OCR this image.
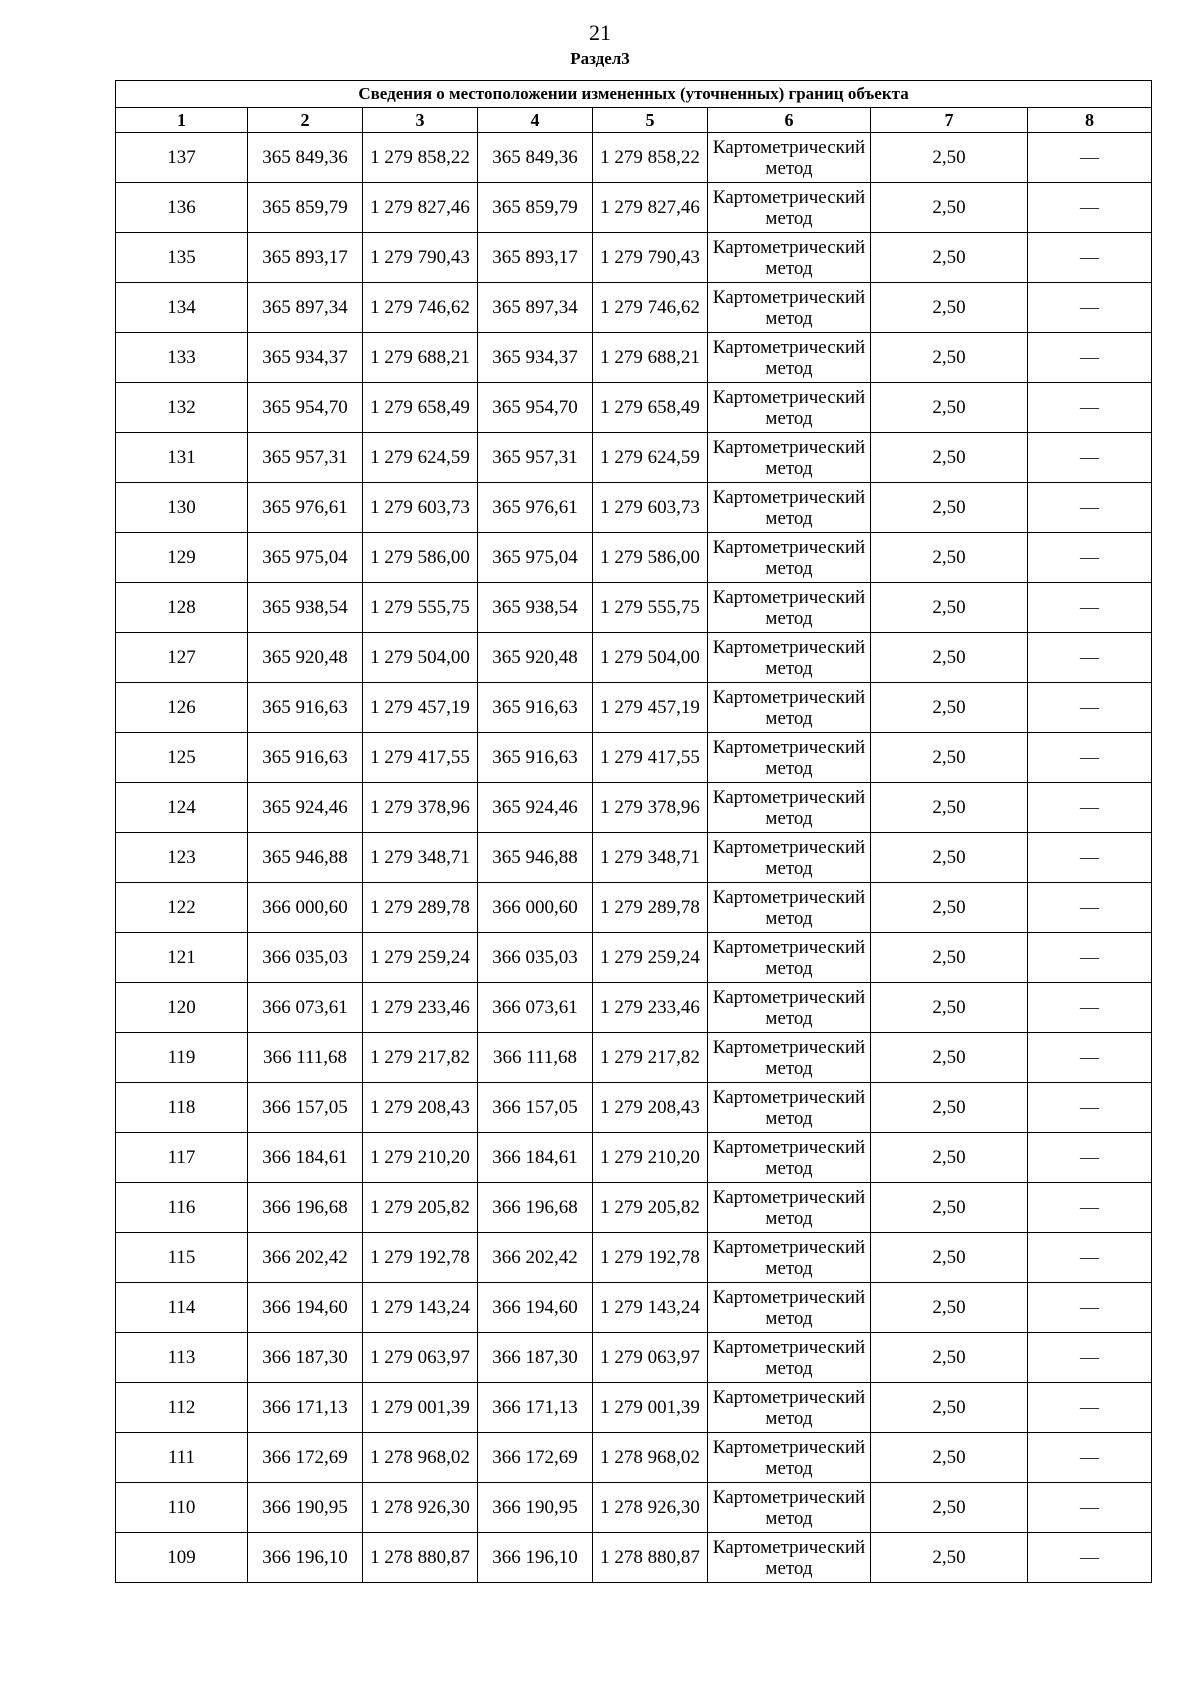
21
Раздел3
Сведения о местоположении измененных (уточненных) границ объекта							
1	2	3	4	5	6	7	8
137	365 849,36	1 279 858,22	365 849,36	1 279 858,22	Картометрический метод	2,50	—
136	365 859,79	1 279 827,46	365 859,79	1 279 827,46	Картометрический метод	2,50	—
135	365 893,17	1 279 790,43	365 893,17	1 279 790,43	Картометрический метод	2,50	—
134	365 897,34	1 279 746,62	365 897,34	1 279 746,62	Картометрический метод	2,50	—
133	365 934,37	1 279 688,21	365 934,37	1 279 688,21	Картометрический метод	2,50	—
132	365 954,70	1 279 658,49	365 954,70	1 279 658,49	Картометрический метод	2,50	—
131	365 957,31	1 279 624,59	365 957,31	1 279 624,59	Картометрический метод	2,50	—
130	365 976,61	1 279 603,73	365 976,61	1 279 603,73	Картометрический метод	2,50	—
129	365 975,04	1 279 586,00	365 975,04	1 279 586,00	Картометрический метод	2,50	—
128	365 938,54	1 279 555,75	365 938,54	1 279 555,75	Картометрический метод	2,50	—
127	365 920,48	1 279 504,00	365 920,48	1 279 504,00	Картометрический метод	2,50	—
126	365 916,63	1 279 457,19	365 916,63	1 279 457,19	Картометрический метод	2,50	—
125	365 916,63	1 279 417,55	365 916,63	1 279 417,55	Картометрический метод	2,50	—
124	365 924,46	1 279 378,96	365 924,46	1 279 378,96	Картометрический метод	2,50	—
123	365 946,88	1 279 348,71	365 946,88	1 279 348,71	Картометрический метод	2,50	—
122	366 000,60	1 279 289,78	366 000,60	1 279 289,78	Картометрический метод	2,50	—
121	366 035,03	1 279 259,24	366 035,03	1 279 259,24	Картометрический метод	2,50	—
120	366 073,61	1 279 233,46	366 073,61	1 279 233,46	Картометрический метод	2,50	—
119	366 111,68	1 279 217,82	366 111,68	1 279 217,82	Картометрический метод	2,50	—
118	366 157,05	1 279 208,43	366 157,05	1 279 208,43	Картометрический метод	2,50	—
117	366 184,61	1 279 210,20	366 184,61	1 279 210,20	Картометрический метод	2,50	—
116	366 196,68	1 279 205,82	366 196,68	1 279 205,82	Картометрический метод	2,50	—
115	366 202,42	1 279 192,78	366 202,42	1 279 192,78	Картометрический метод	2,50	—
114	366 194,60	1 279 143,24	366 194,60	1 279 143,24	Картометрический метод	2,50	—
113	366 187,30	1 279 063,97	366 187,30	1 279 063,97	Картометрический метод	2,50	—
112	366 171,13	1 279 001,39	366 171,13	1 279 001,39	Картометрический метод	2,50	—
111	366 172,69	1 278 968,02	366 172,69	1 278 968,02	Картометрический метод	2,50	—
110	366 190,95	1 278 926,30	366 190,95	1 278 926,30	Картометрический метод	2,50	—
109	366 196,10	1 278 880,87	366 196,10	1 278 880,87	Картометрический метод	2,50	—
